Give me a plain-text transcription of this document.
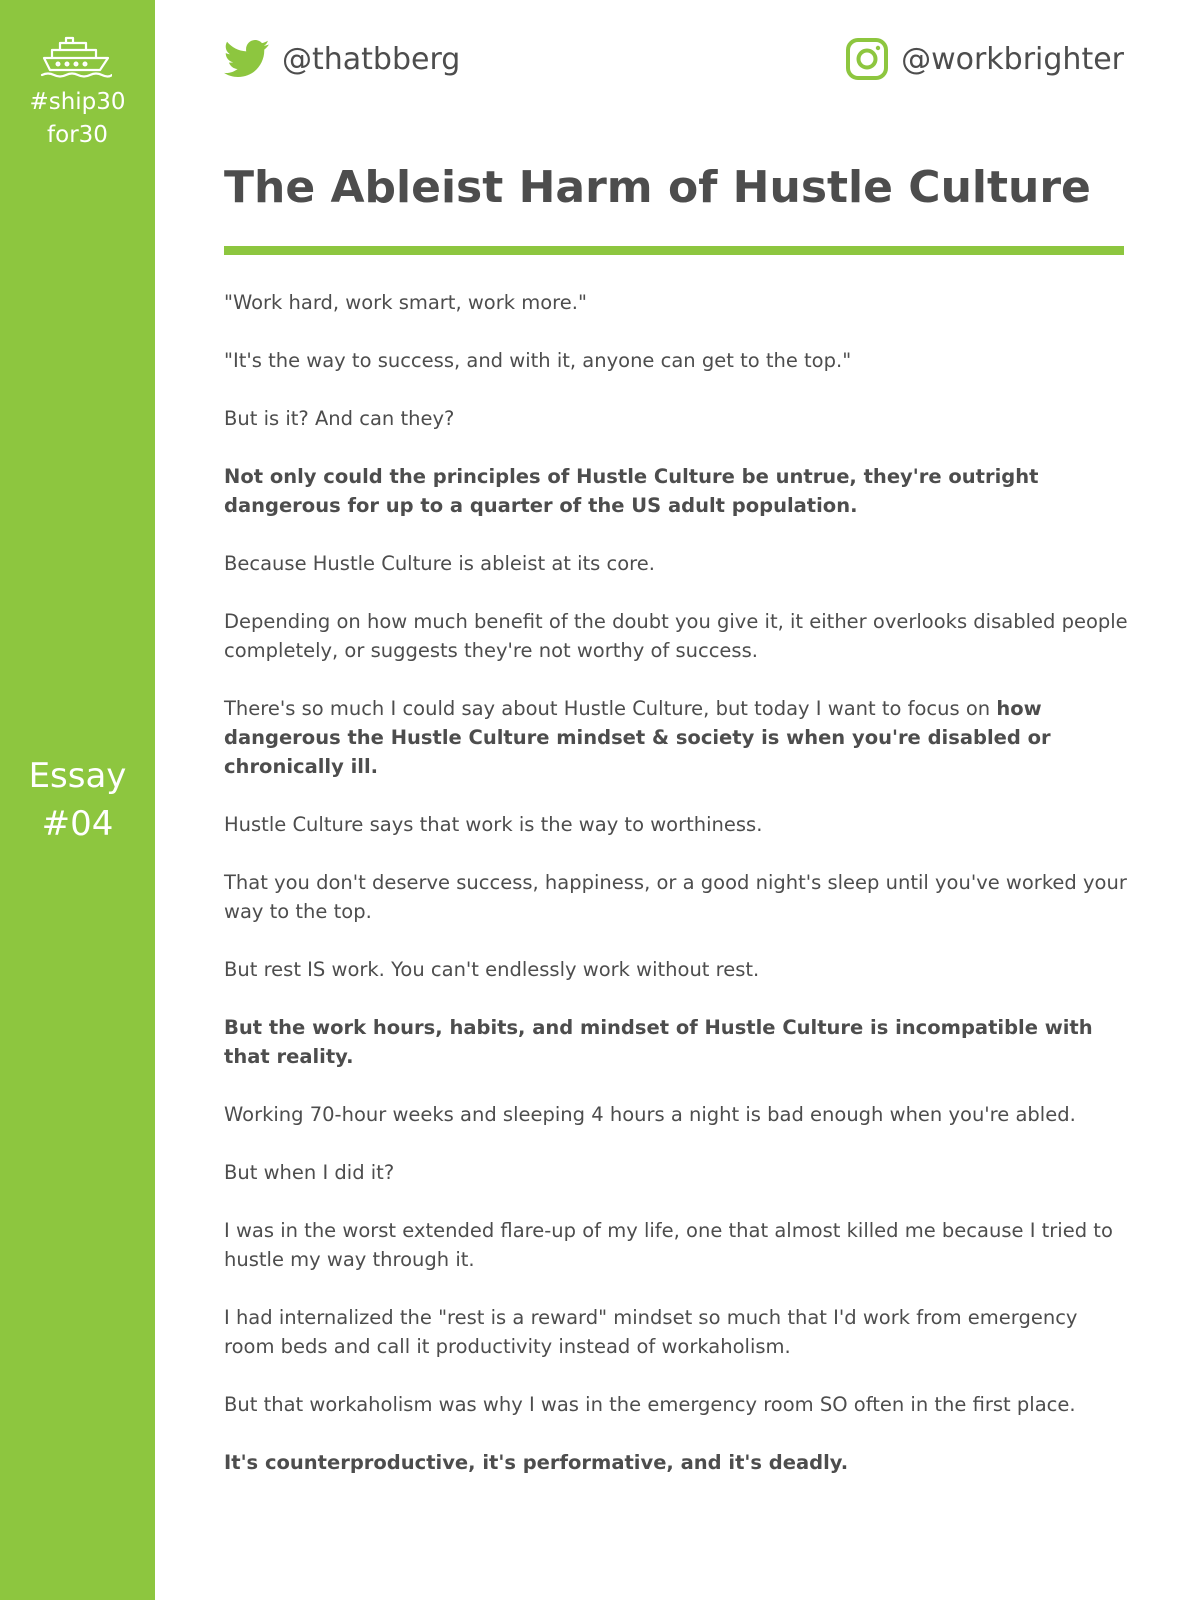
#ship30
for30
Essay
#04
@thatbberg	@workbrighter
The Ableist Harm of Hustle Culture

"Work hard, work smart, work more."

"It's the way to success, and with it, anyone can get to the top."

But is it? And can they?

Not only could the principles of Hustle Culture be untrue, they're outright dangerous for up to a quarter of the US adult population.

Because Hustle Culture is ableist at its core.

Depending on how much benefit of the doubt you give it, it either overlooks disabled people completely, or suggests they're not worthy of success.

There's so much I could say about Hustle Culture, but today I want to focus on how dangerous the Hustle Culture mindset & society is when you're disabled or chronically ill.

Hustle Culture says that work is the way to worthiness.

That you don't deserve success, happiness, or a good night's sleep until you've worked your way to the top.

But rest IS work. You can't endlessly work without rest.

But the work hours, habits, and mindset of Hustle Culture is incompatible with that reality.

Working 70-hour weeks and sleeping 4 hours a night is bad enough when you're abled.

But when I did it?

I was in the worst extended flare-up of my life, one that almost killed me because I tried to hustle my way through it.

I had internalized the "rest is a reward" mindset so much that I'd work from emergency room beds and call it productivity instead of workaholism.

But that workaholism was why I was in the emergency room SO often in the first place.

It's counterproductive, it's performative, and it's deadly.
